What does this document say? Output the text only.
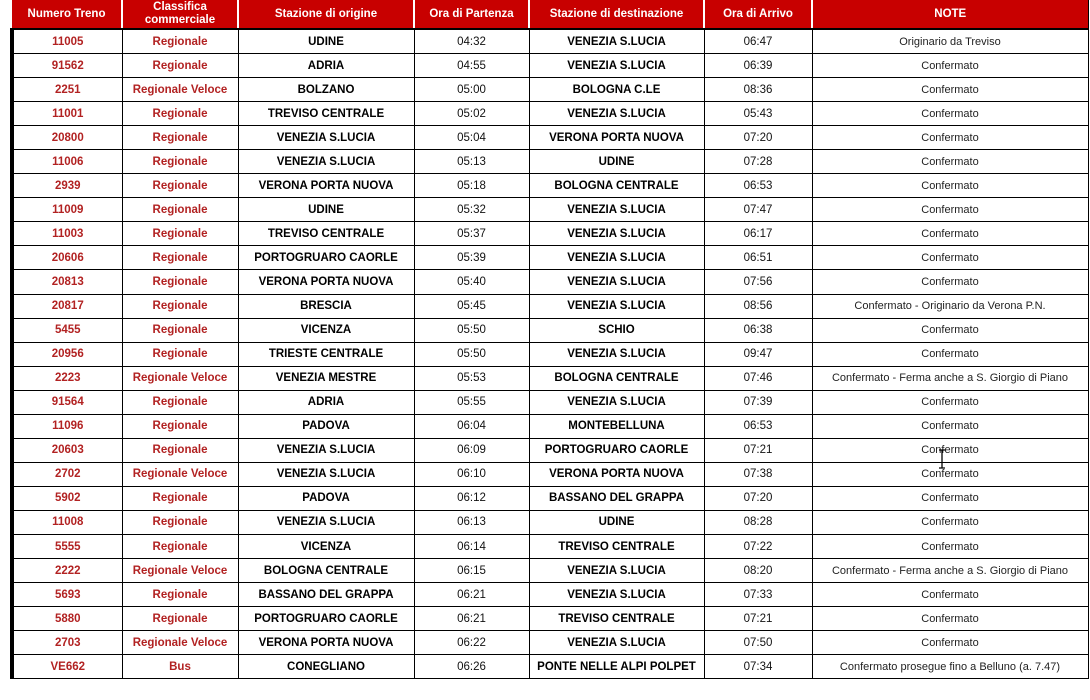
Numero Treno	Classifica commerciale	Stazione di origine	Ora di Partenza	Stazione di destinazione	Ora di Arrivo	NOTE
11005	Regionale	UDINE	04:32	VENEZIA S.LUCIA	06:47	Originario da Treviso
91562	Regionale	ADRIA	04:55	VENEZIA S.LUCIA	06:39	Confermato
2251	Regionale Veloce	BOLZANO	05:00	BOLOGNA C.LE	08:36	Confermato
11001	Regionale	TREVISO CENTRALE	05:02	VENEZIA S.LUCIA	05:43	Confermato
20800	Regionale	VENEZIA S.LUCIA	05:04	VERONA PORTA NUOVA	07:20	Confermato
11006	Regionale	VENEZIA S.LUCIA	05:13	UDINE	07:28	Confermato
2939	Regionale	VERONA PORTA NUOVA	05:18	BOLOGNA CENTRALE	06:53	Confermato
11009	Regionale	UDINE	05:32	VENEZIA S.LUCIA	07:47	Confermato
11003	Regionale	TREVISO CENTRALE	05:37	VENEZIA S.LUCIA	06:17	Confermato
20606	Regionale	PORTOGRUARO CAORLE	05:39	VENEZIA S.LUCIA	06:51	Confermato
20813	Regionale	VERONA PORTA NUOVA	05:40	VENEZIA S.LUCIA	07:56	Confermato
20817	Regionale	BRESCIA	05:45	VENEZIA S.LUCIA	08:56	Confermato - Originario da Verona P.N.
5455	Regionale	VICENZA	05:50	SCHIO	06:38	Confermato
20956	Regionale	TRIESTE CENTRALE	05:50	VENEZIA S.LUCIA	09:47	Confermato
2223	Regionale Veloce	VENEZIA MESTRE	05:53	BOLOGNA CENTRALE	07:46	Confermato - Ferma anche a S. Giorgio di Piano
91564	Regionale	ADRIA	05:55	VENEZIA S.LUCIA	07:39	Confermato
11096	Regionale	PADOVA	06:04	MONTEBELLUNA	06:53	Confermato
20603	Regionale	VENEZIA S.LUCIA	06:09	PORTOGRUARO CAORLE	07:21	Confermato
2702	Regionale Veloce	VENEZIA S.LUCIA	06:10	VERONA PORTA NUOVA	07:38	Confermato
5902	Regionale	PADOVA	06:12	BASSANO DEL GRAPPA	07:20	Confermato
11008	Regionale	VENEZIA S.LUCIA	06:13	UDINE	08:28	Confermato
5555	Regionale	VICENZA	06:14	TREVISO CENTRALE	07:22	Confermato
2222	Regionale Veloce	BOLOGNA CENTRALE	06:15	VENEZIA S.LUCIA	08:20	Confermato - Ferma anche a S. Giorgio di Piano
5693	Regionale	BASSANO DEL GRAPPA	06:21	VENEZIA S.LUCIA	07:33	Confermato
5880	Regionale	PORTOGRUARO CAORLE	06:21	TREVISO CENTRALE	07:21	Confermato
2703	Regionale Veloce	VERONA PORTA NUOVA	06:22	VENEZIA S.LUCIA	07:50	Confermato
VE662	Bus	CONEGLIANO	06:26	PONTE NELLE ALPI POLPET	07:34	Confermato prosegue fino a Belluno (a. 7.47)
